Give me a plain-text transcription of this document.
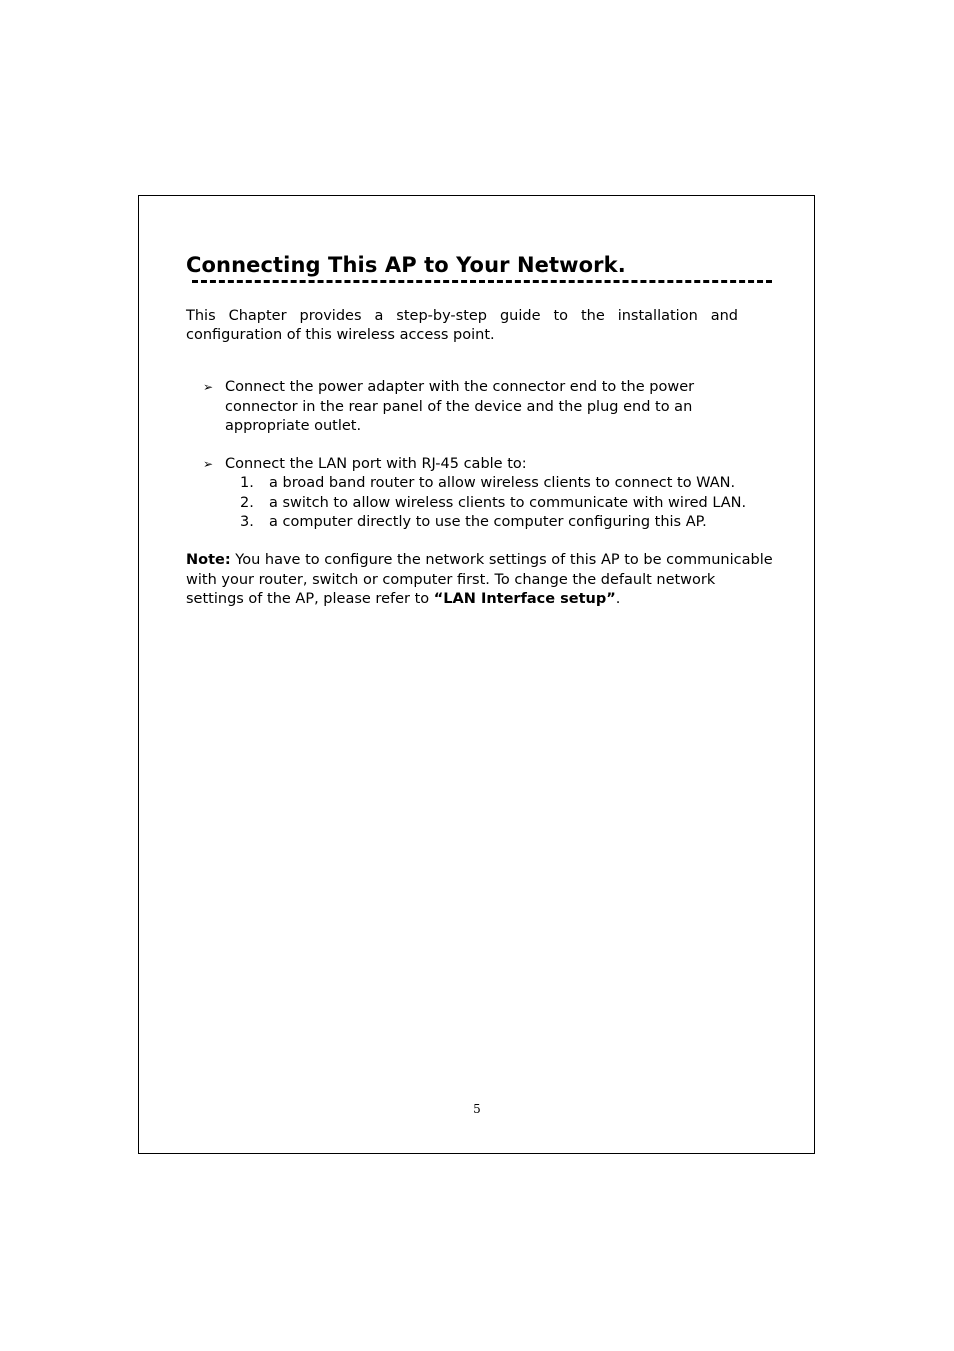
Connecting This AP to Your Network.
This Chapter provides a step-by-step guide to the installation and configuration of this wireless access point.
➢ Connect the power adapter with the connector end to the power connector in the rear panel of the device and the plug end to an appropriate outlet.
➢ Connect the LAN port with RJ-45 cable to:
1.	a broad band router to allow wireless clients to connect to WAN.
2.	a switch to allow wireless clients to communicate with wired LAN.
3.	a computer directly to use the computer configuring this AP.
Note: You have to configure the network settings of this AP to be communicable with your router, switch or computer first. To change the default network settings of the AP, please refer to “LAN Interface setup”.
5
